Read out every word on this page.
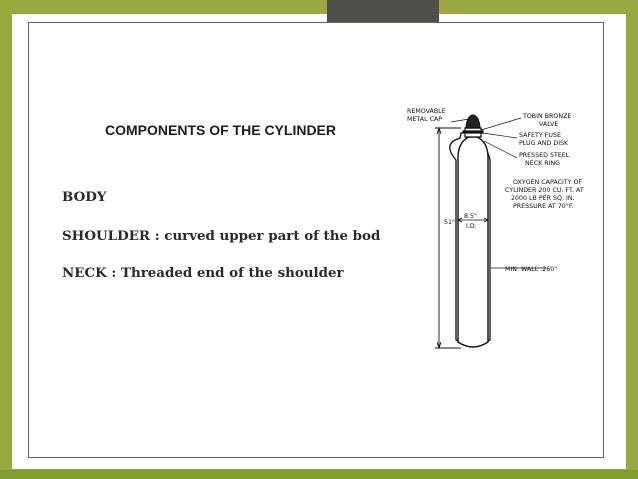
COMPONENTS OF THE CYLINDER
BODY
SHOULDER : curved upper part of the bod
NECK : Threaded end of the shoulder
51"
8.5"
I.D.
REMOVABLE
METAL CAP	TOBIN BRONZE
VALVE
SAFETY FUSE
PLUG AND DISK
PRESSED STEEL
NECK RING
OXYGEN CAPACITY OF
CYLINDER 200 CU. FT. AT
2000 LB PER SQ. IN.
PRESSURE AT 70°F.
MIN. WALL .260"
